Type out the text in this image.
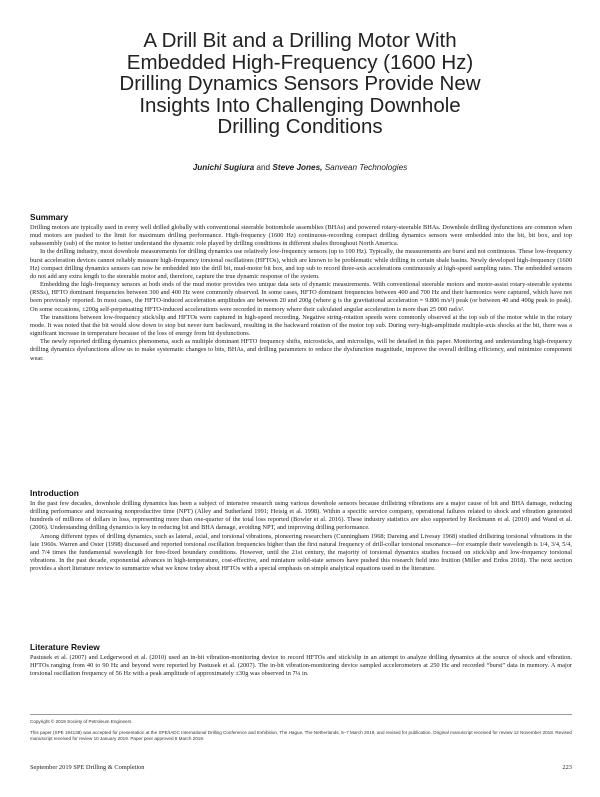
A Drill Bit and a Drilling Motor With
Embedded High-Frequency (1600 Hz)
Drilling Dynamics Sensors Provide New
Insights Into Challenging Downhole
Drilling Conditions
Junichi Sugiura and Steve Jones, Sanvean Technologies
Summary

Drilling motors are typically used in every well drilled globally with conventional steerable bottomhole assemblies (BHAs) and powered rotary-steerable BHAs. Downhole drilling dysfunctions are common when mud motors are pushed to the limit for maximum drilling performance. High-frequency (1600 Hz) continuous-recording compact drilling dynamics sensors were embedded into the bit, bit box, and top subassembly (sub) of the motor to better understand the dynamic role played by drilling conditions in different shales throughout North America.

In the drilling industry, most downhole measurements for drilling dynamics use relatively low-frequency sensors (up to 100 Hz). Typically, the measurements are burst and not continuous. These low-frequency burst acceleration devices cannot reliably measure high-frequency torsional oscillations (HFTOs), which are known to be problematic while drilling in certain shale basins. Newly developed high-frequency (1600 Hz) compact drilling dynamics sensors can now be embedded into the drill bit, mud-motor bit box, and top sub to record three-axis accelerations continuously at high-speed sampling rates. The embedded sensors do not add any extra length to the steerable motor and, therefore, capture the true dynamic response of the system.

Embedding the high-frequency sensors at both ends of the mud motor provides two unique data sets of dynamic measurements. With conventional steerable motors and motor-assist rotary-steerable systems (RSSs), HFTO dominant frequencies between 300 and 400 Hz were commonly observed. In some cases, HFTO dominant frequencies between 400 and 700 Hz and their harmonics were captured, which have not been previously reported. In most cases, the HFTO-induced acceleration amplitudes are between 20 and 200g (where g is the gravitational acceleration = 9.806 m/s²) peak (or between 40 and 400g peak to peak). On some occasions, ±200g self-perpetuating HFTO-induced accelerations were recorded in memory where their calculated angular acceleration is more than 25 000 rad/s².

The transitions between low-frequency stick/slip and HFTOs were captured in high-speed recording. Negative string-rotation speeds were commonly observed at the top sub of the motor while in the rotary mode. It was noted that the bit would slow down to stop but never turn backward, resulting in the backward rotation of the motor top sub. During very-high-amplitude multiple-axis shocks at the bit, there was a significant increase in temperature because of the loss of energy from bit dysfunctions.

The newly reported drilling dynamics phenomena, such as multiple dominant HFTO frequency shifts, microsticks, and microslips, will be detailed in this paper. Monitoring and understanding high-frequency drilling dynamics dysfunctions allow us to make systematic changes to bits, BHAs, and drilling parameters to reduce the dysfunction magnitude, improve the overall drilling efficiency, and minimize component wear.

Introduction

In the past few decades, downhole drilling dynamics has been a subject of intensive research using various downhole sensors because drillstring vibrations are a major cause of bit and BHA damage, reducing drilling performance and increasing nonproductive time (NPT) (Alley and Sutherland 1991; Heisig et al. 1998). Within a specific service company, operational failures related to shock and vibration generated hundreds of millions of dollars in loss, representing more than one-quarter of the total loss reported (Bowler et al. 2016). These industry statistics are also supported by Reckmann et al. (2010) and Wand et al. (2006). Understanding drilling dynamics is key in reducing bit and BHA damage, avoiding NPT, and improving drilling performance.

Among different types of drilling dynamics, such as lateral, axial, and torsional vibrations, pioneering researchers (Cunningham 1968; Dareing and Livesay 1968) studied drillstring torsional vibrations in the late 1960s. Warren and Oster (1998) discussed and reported torsional oscillation frequencies higher than the first natural frequency of drill-collar torsional resonance—for example their wavelength is 1/4, 3/4, 5/4, and 7/4 times the fundamental wavelength for free-fixed boundary conditions. However, until the 21st century, the majority of torsional dynamics studies focused on stick/slip and low-frequency torsional vibrations. In the past decade, exponential advances in high-temperature, cost-effective, and miniature solid-state sensors have pushed this research field into fruition (Miller and Erdos 2018). The next section provides a short literature review to summarize what we know today about HFTOs with a special emphasis on simple analytical equations used in the literature.

Literature Review

Pastusek et al. (2007) and Ledgerwood et al. (2010) used an in-bit vibration-monitoring device to record HFTOs and stick/slip in an attempt to analyze drilling dynamics at the source of shock and vibration. HFTOs ranging from 40 to 90 Hz and beyond were reported by Pastusek et al. (2007). The in-bit vibration-monitoring device sampled accelerometers at 250 Hz and recorded “burst” data in memory. A major torsional oscillation frequency of 56 Hz with a peak amplitude of approximately ±30g was observed in 7¼ in.

Copyright © 2019 Society of Petroleum Engineers
This paper (SPE 194138) was accepted for presentation at the SPE/IADC International Drilling Conference and Exhibition, The Hague, The Netherlands, 5–7 March 2019, and revised for publication. Original manuscript received for review 12 November 2018. Revised manuscript received for review 10 January 2019. Paper peer approved 8 March 2019.
September 2019 SPE Drilling & Completion	223
